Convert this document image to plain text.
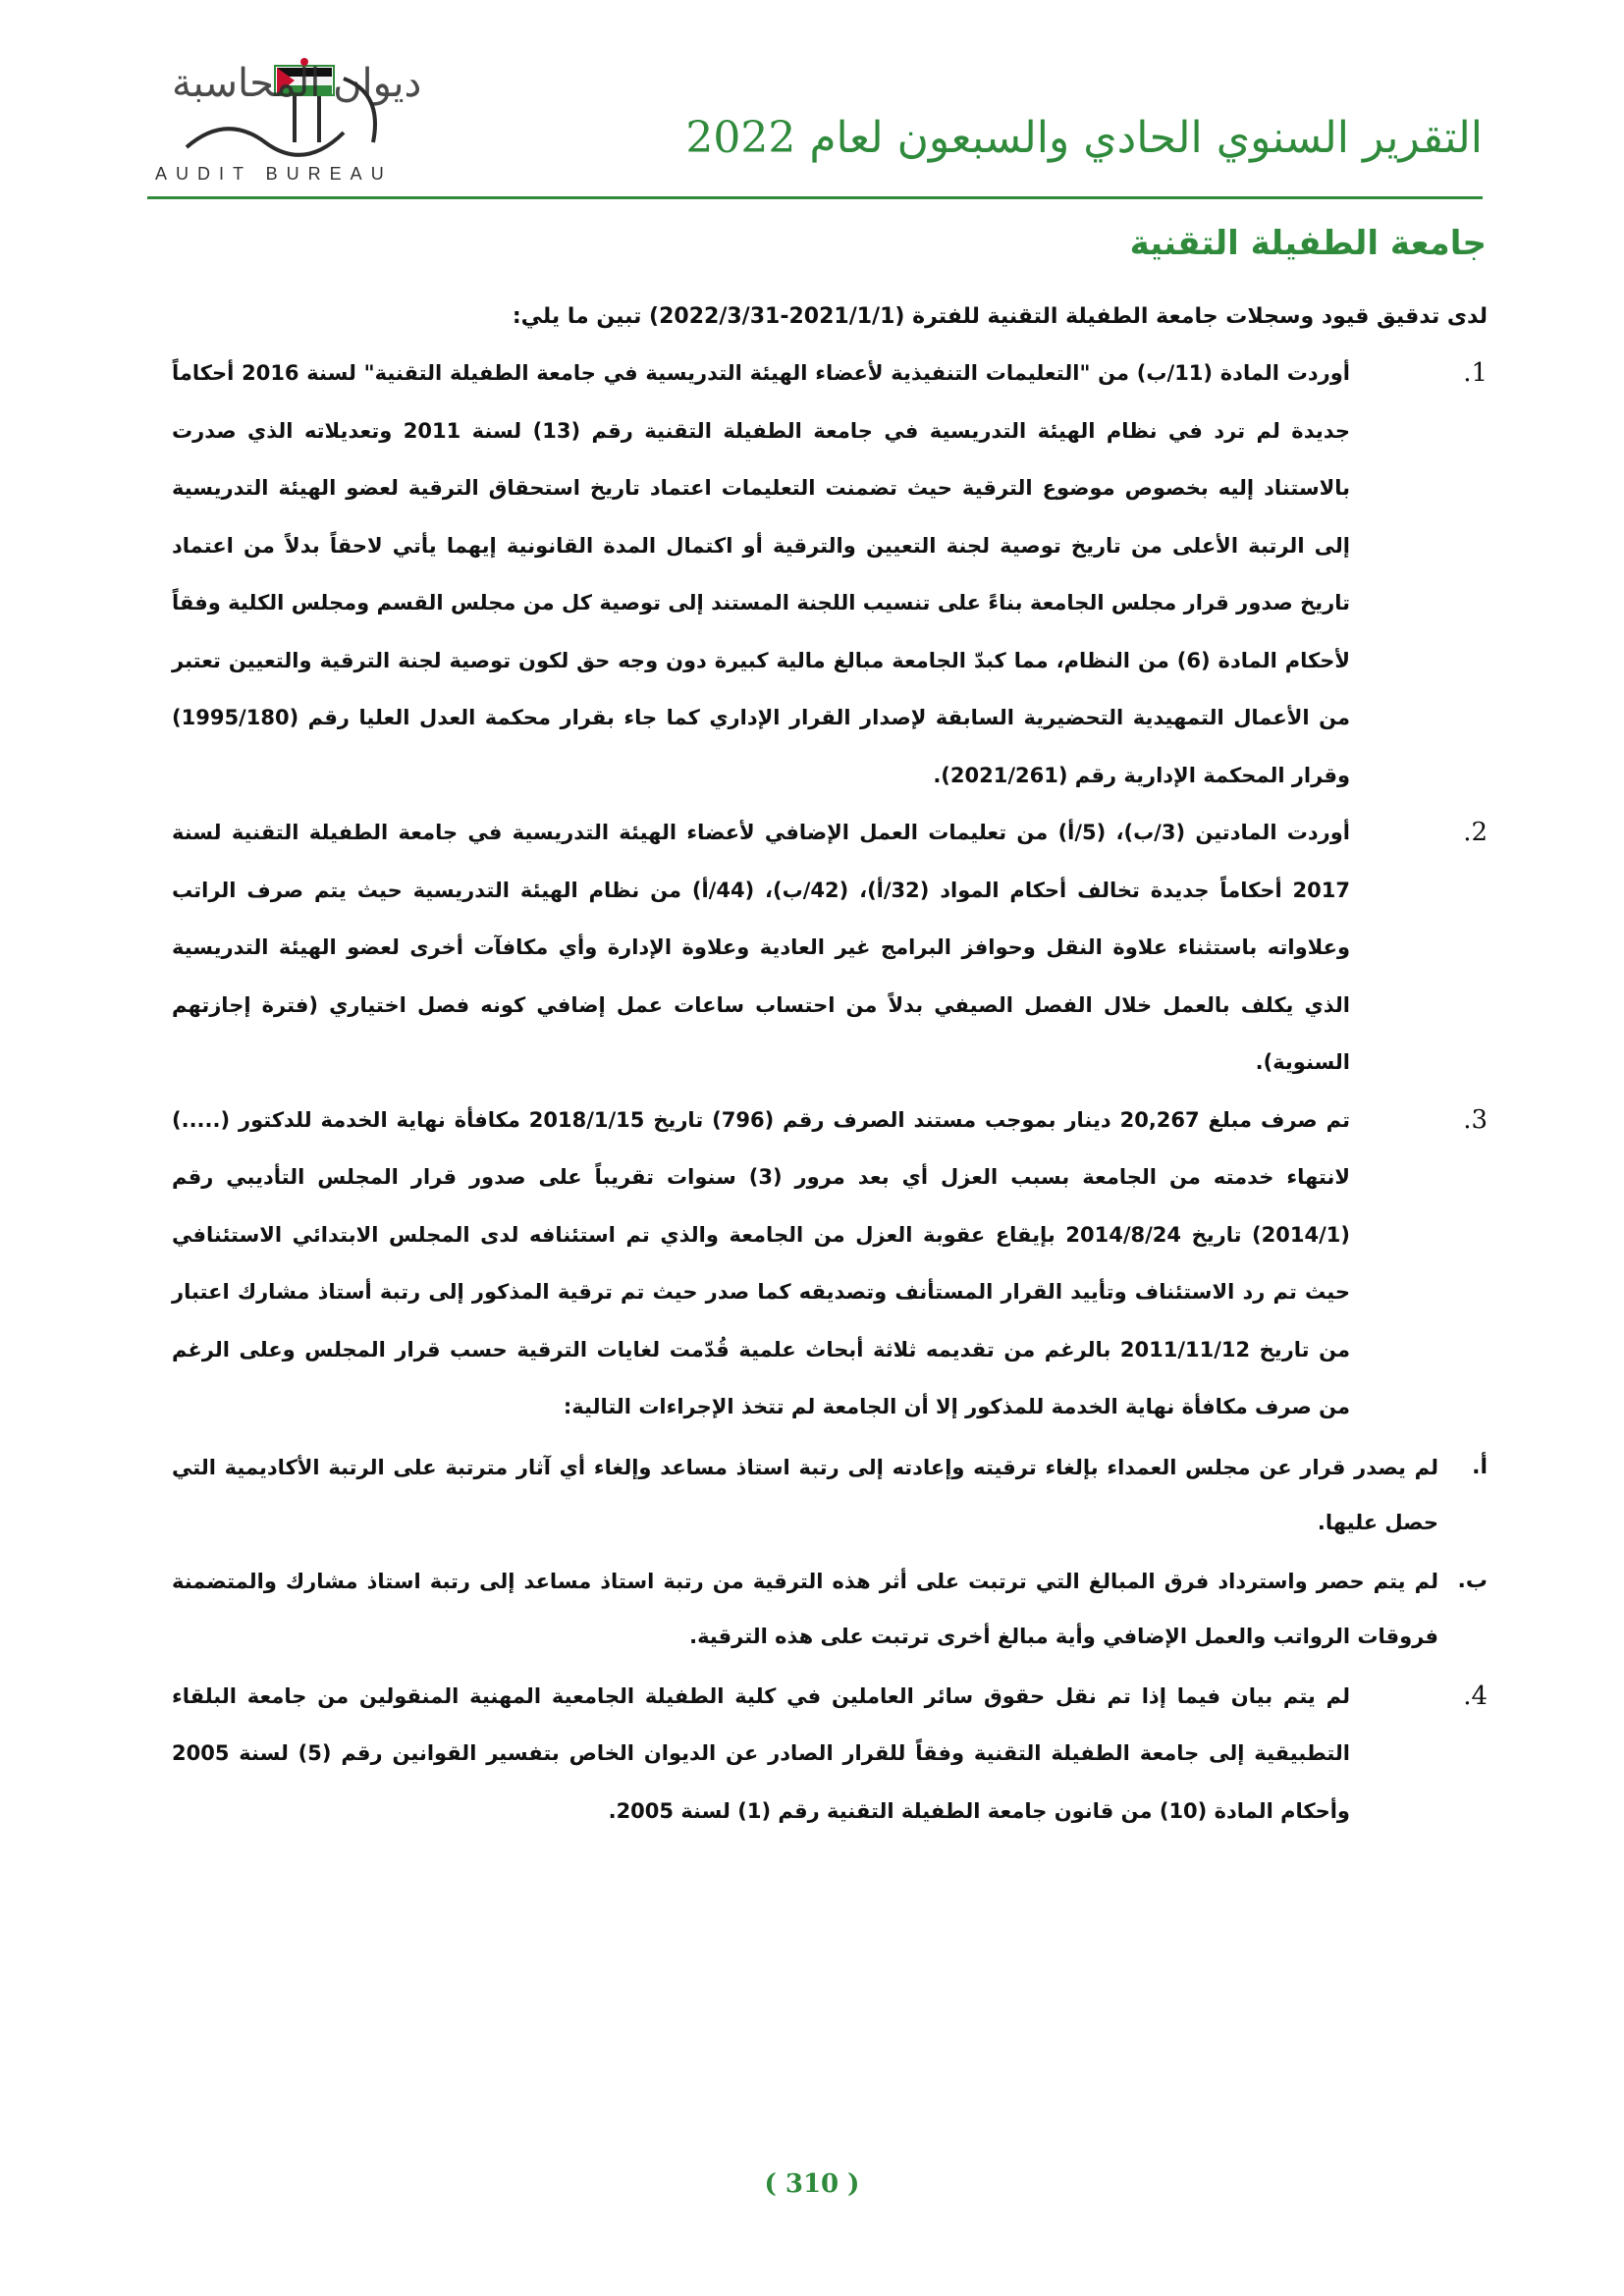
AUDIT BUREAU
التقرير السنوي الحادي والسبعون لعام 2022
جامعة الطفيلة التقنية

لدى تدقيق قيود وسجلات جامعة الطفيلة التقنية للفترة (2021/1/1-2022/3/31) تبين ما يلي:

1.

أوردت المادة (11/ب) من "التعليمات التنفيذية لأعضاء الهيئة التدريسية في جامعة الطفيلة التقنية" لسنة 2016 أحكاماً جديدة لم ترد في نظام الهيئة التدريسية في جامعة الطفيلة التقنية رقم (13) لسنة 2011 وتعديلاته الذي صدرت بالاستناد إليه بخصوص موضوع الترقية حيث تضمنت التعليمات اعتماد تاريخ استحقاق الترقية لعضو الهيئة التدريسية إلى الرتبة الأعلى من تاريخ توصية لجنة التعيين والترقية أو اكتمال المدة القانونية إيهما يأتي لاحقاً بدلاً من اعتماد تاريخ صدور قرار مجلس الجامعة بناءً على تنسيب اللجنة المستند إلى توصية كل من مجلس القسم ومجلس الكلية وفقاً لأحكام المادة (6) من النظام، مما كبدّ الجامعة مبالغ مالية كبيرة دون وجه حق لكون توصية لجنة الترقية والتعيين تعتبر من الأعمال التمهيدية التحضيرية السابقة لإصدار القرار الإداري كما جاء بقرار محكمة العدل العليا رقم (1995/180) وقرار المحكمة الإدارية رقم (2021/261).

2.

أوردت المادتين (3/ب)، (5/أ) من تعليمات العمل الإضافي لأعضاء الهيئة التدريسية في جامعة الطفيلة التقنية لسنة 2017 أحكاماً جديدة تخالف أحكام المواد (32/أ)، (42/ب)، (44/أ) من نظام الهيئة التدريسية حيث يتم صرف الراتب وعلاواته باستثناء علاوة النقل وحوافز البرامج غير العادية وعلاوة الإدارة وأي مكافآت أخرى لعضو الهيئة التدريسية الذي يكلف بالعمل خلال الفصل الصيفي بدلاً من احتساب ساعات عمل إضافي كونه فصل اختياري (فترة إجازتهم السنوية).

3.

تم صرف مبلغ 20,267 دينار بموجب مستند الصرف رقم (796) تاريخ 2018/1/15 مكافأة نهاية الخدمة للدكتور (.....) لانتهاء خدمته من الجامعة بسبب العزل أي بعد مرور (3) سنوات تقريباً على صدور قرار المجلس التأديبي رقم (2014/1) تاريخ 2014/8/24 بإيقاع عقوبة العزل من الجامعة والذي تم استئنافه لدى المجلس الابتدائي الاستئنافي حيث تم رد الاستئناف وتأييد القرار المستأنف وتصديقه كما صدر حيث تم ترقية المذكور إلى رتبة أستاذ مشارك اعتبار من تاريخ 2011/11/12 بالرغم من تقديمه ثلاثة أبحاث علمية قُدّمت لغايات الترقية حسب قرار المجلس وعلى الرغم من صرف مكافأة نهاية الخدمة للمذكور إلا أن الجامعة لم تتخذ الإجراءات التالية:

أ.

لم يصدر قرار عن مجلس العمداء بإلغاء ترقيته وإعادته إلى رتبة استاذ مساعد وإلغاء أي آثار مترتبة على الرتبة الأكاديمية التي حصل عليها.

ب.

لم يتم حصر واسترداد فرق المبالغ التي ترتبت على أثر هذه الترقية من رتبة استاذ مساعد إلى رتبة استاذ مشارك والمتضمنة فروقات الرواتب والعمل الإضافي وأية مبالغ أخرى ترتبت على هذه الترقية.

4.

لم يتم بيان فيما إذا تم نقل حقوق سائر العاملين في كلية الطفيلة الجامعية المهنية المنقولين من جامعة البلقاء التطبيقية إلى جامعة الطفيلة التقنية وفقاً للقرار الصادر عن الديوان الخاص بتفسير القوانين رقم (5) لسنة 2005 وأحكام المادة (10) من قانون جامعة الطفيلة التقنية رقم (1) لسنة 2005.

( 310 )
ديوان المحاسبة
